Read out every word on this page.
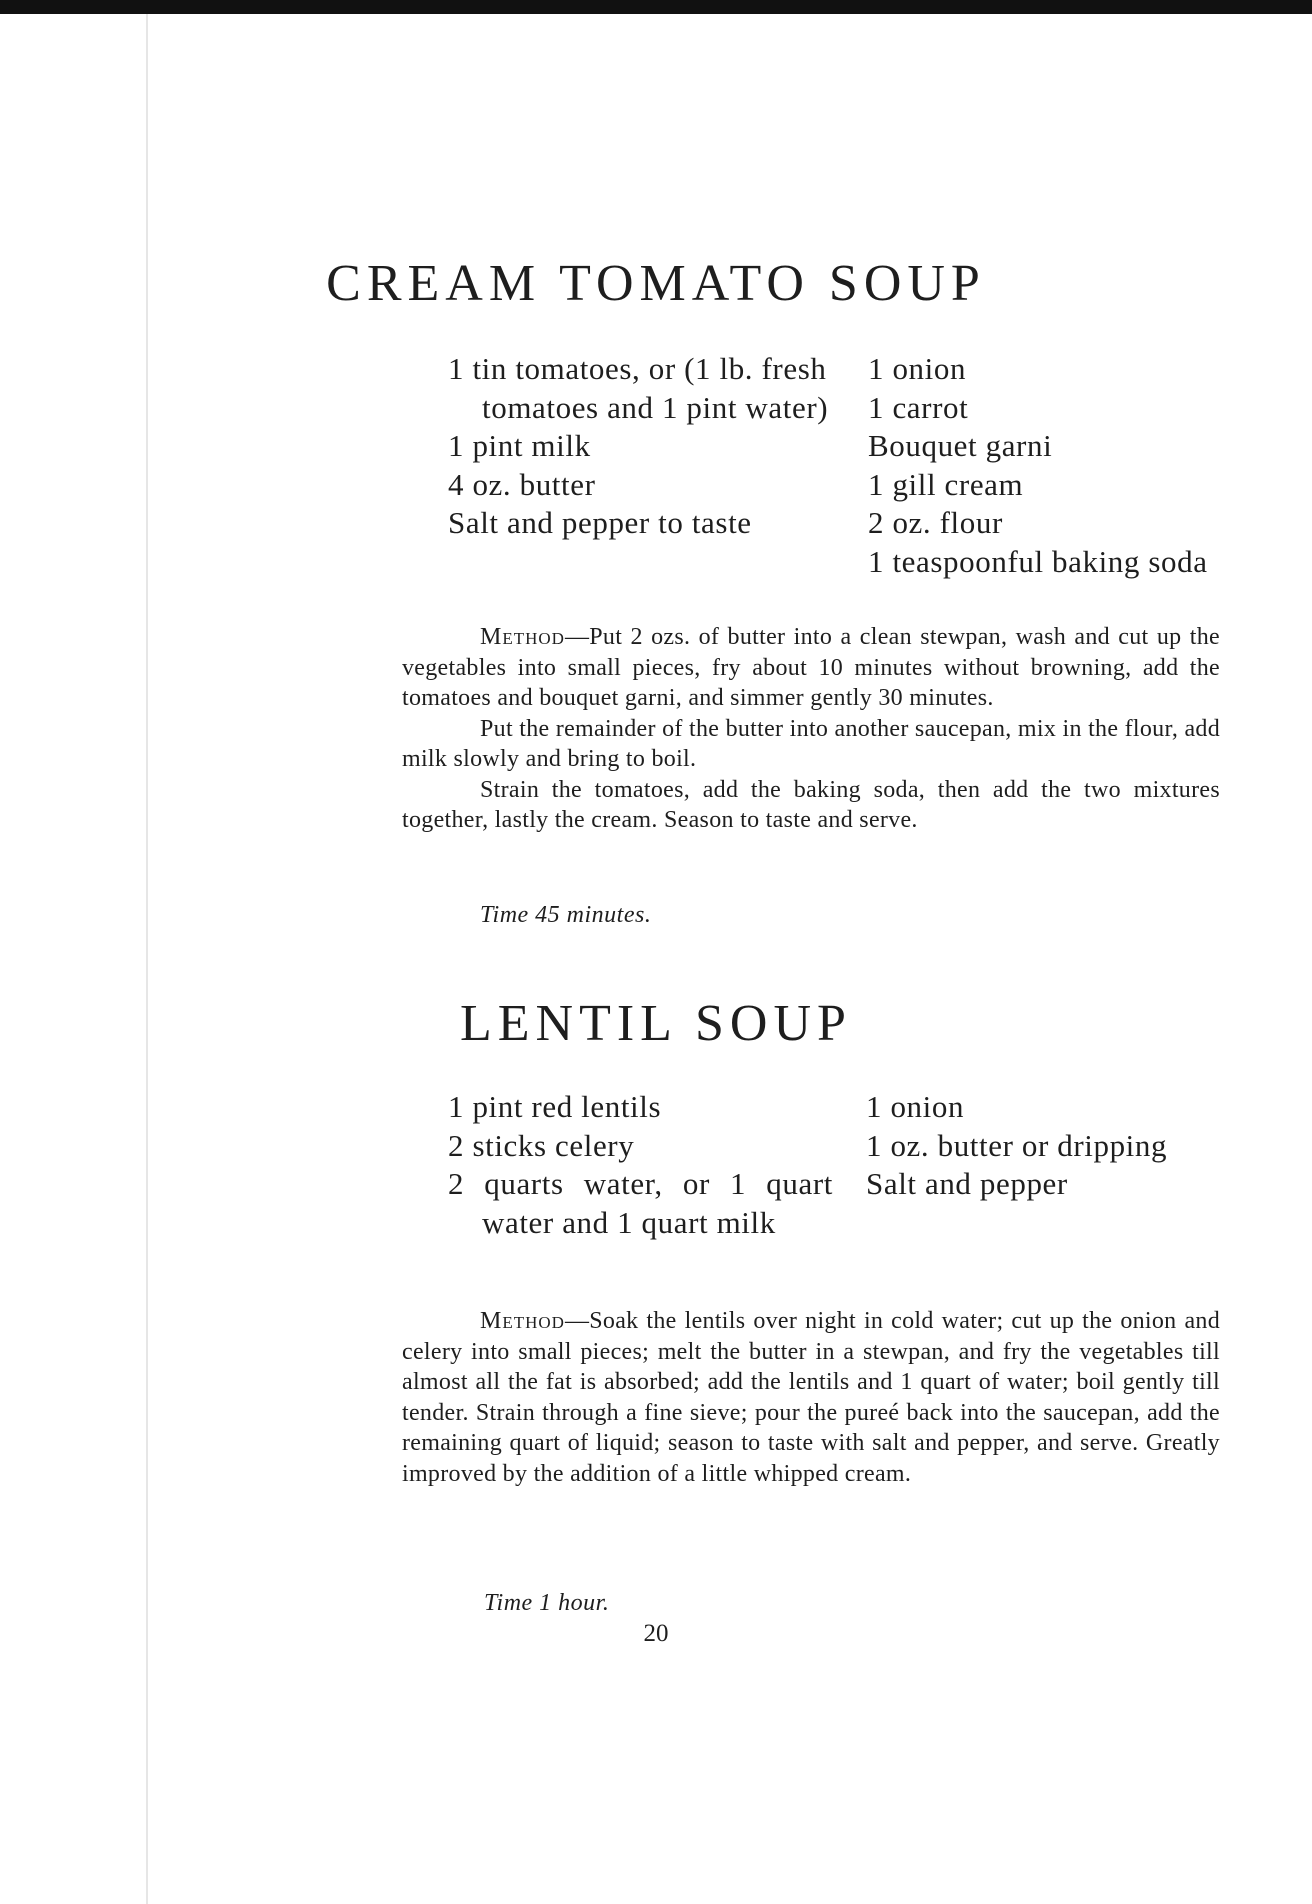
CREAM TOMATO SOUP
1 tin tomatoes, or (1 lb. fresh tomatoes and 1 pint water)
1 pint milk
4 oz. butter
Salt and pepper to taste
1 onion
1 carrot
Bouquet garni
1 gill cream
2 oz. flour
1 teaspoonful baking soda

Method—Put 2 ozs. of butter into a clean stewpan, wash and cut up the vegetables into small pieces, fry about 10 minutes without browning, add the tomatoes and bouquet garni, and simmer gently 30 minutes.

Put the remainder of the butter into another saucepan, mix in the flour, add milk slowly and bring to boil.

Strain the tomatoes, add the baking soda, then add the two mixtures together, lastly the cream. Season to taste and serve.

Time 45 minutes.
LENTIL SOUP
1 pint red lentils
2 sticks celery
2 quarts water, or 1 quart water and 1 quart milk
1 onion
1 oz. butter or dripping
Salt and pepper

Method—Soak the lentils over night in cold water; cut up the onion and celery into small pieces; melt the butter in a stewpan, and fry the vegetables till almost all the fat is absorbed; add the lentils and 1 quart of water; boil gently till tender. Strain through a fine sieve; pour the pureé back into the saucepan, add the remaining quart of liquid; season to taste with salt and pepper, and serve. Greatly improved by the addition of a little whipped cream.

Time 1 hour.
20
